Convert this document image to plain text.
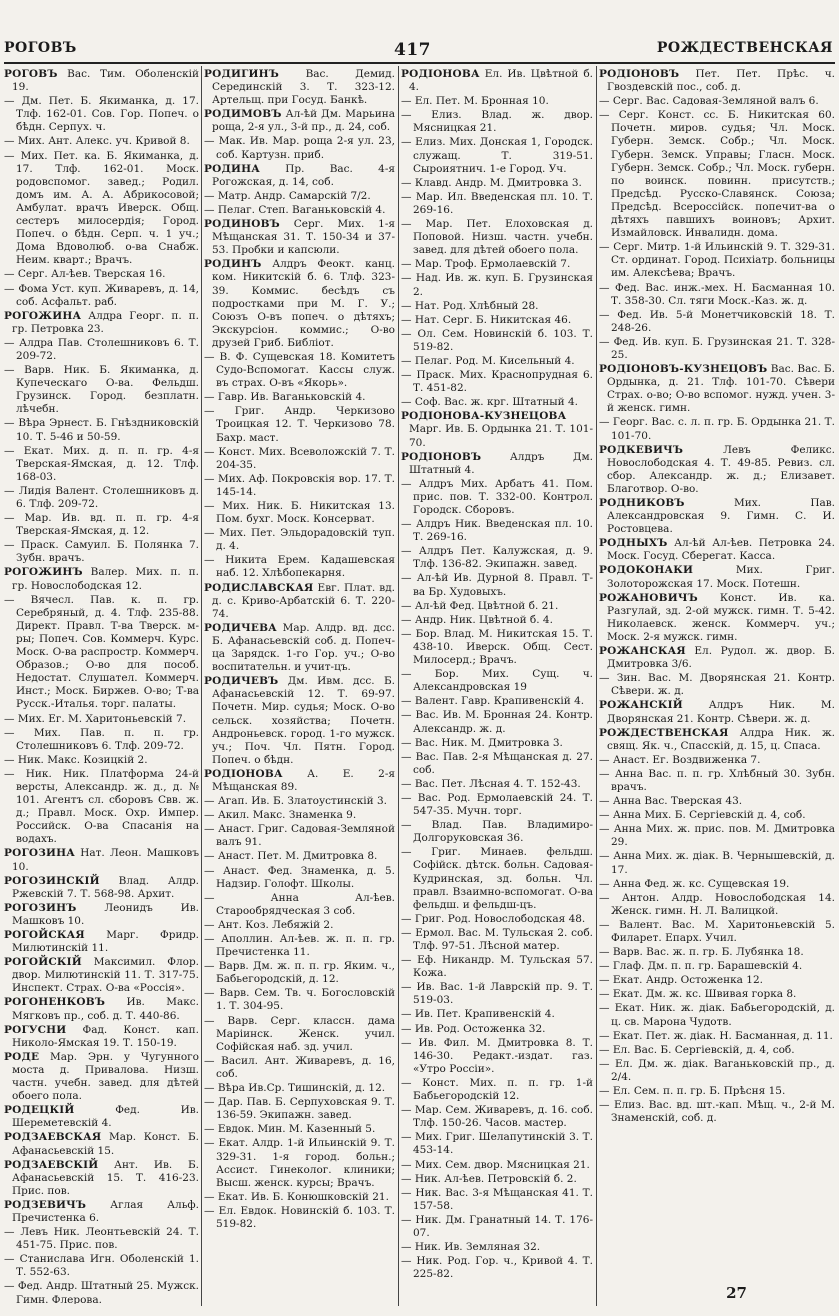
РОГОВЪ	417	РОЖДЕСТВЕНСКАЯ
РОГОВЪ Вас. Тим. Оболенскій 19.
— Дм. Пет. Б. Якиманка, д. 17. Тлф. 162-01. Сов. Гор. Попеч. о бѣдн. Серпух. ч.
— Мих. Ант. Алекс. уч. Кривой 8.
— Мих. Пет. ка. Б. Якиманка, д. 17. Тлф. 162-01. Моск. родовспомог. завед.; Родил. домъ им. А. А. Абрикосовой; Амбулат. врачъ Иверск. Общ. сестеръ милосердія; Город. Попеч. о бѣдн. Серп. ч. 1 уч.; Дома Вдоволюб. о-ва Снабж. Неим. кварт.; Врачъ.
— Серг. Ал-ѣев. Тверская 16.
— Фома Уст. куп. Живаревъ, д. 14, соб. Асфальт. раб.
РОГОЖИНА Алдра Георг. п. п. гр. Петровка 23.
— Алдра Пав. Столешниковъ 6. Т. 209-72.
— Варв. Ник. Б. Якиманка, д. Купеческаго О-ва. Фельдш. Грузинск. Город. безплатн. лѣчебн.
— Вѣра Эрнест. Б. Гнѣздниковскій 10. Т. 5-46 и 50-59.
— Екат. Мих. д. п. п. гр. 4-я Тверская-Ямская, д. 12. Тлф. 168-03.
— Лидія Валент. Столешниковъ д. 6. Тлф. 209-72.
— Мар. Ив. вд. п. п. гр. 4-я Тверская-Ямская, д. 12.
— Праск. Самуил. Б. Полянка 7. Зубн. врачъ.
РОГОЖИНЪ Валер. Мих. п. п. гр. Новослободская 12.
— Вячесл. Пав. к. п. гр. Серебряный, д. 4. Тлф. 235-88. Директ. Правл. Т-ва Тверск. м-ры; Попеч. Сов. Коммерч. Курс. Моск. О-ва распростр. Коммерч. Образов.; О-во для пособ. Недостат. Слушател. Коммерч. Инст.; Моск. Биржев. О-во; Т-ва Русск.-Италья. торг. палаты.
— Мих. Ег. М. Харитоньевскій 7.
— Мих. Пав. п. п. гр. Столешниковъ 6. Тлф. 209-72.
— Ник. Макс. Козицкій 2.
— Ник. Ник. Платформа 24-й версты, Александр. ж. д., д. № 101. Агентъ сл. сборовъ Свв. ж. д.; Правл. Моск. Охр. Импер. Российск. О-ва Спасанія на водахъ.
РОГОЗИНА Нат. Леон. Машковъ 10.
РОГОЗИНСКІЙ Влад. Алдр. Ржевскій 7. Т. 568-98. Архит.
РОГОЗИНЪ	Леонидъ Ив. Машковъ 10.
РОГОЙСКАЯ Марг. Фридр. Милютинскій 11.
РОГОЙСКІЙ Максимил. Флор. двор. Милютинскій 11. Т. 317-75. Инспект. Страх. О-ва «Россія».
РОГОНЕНКОВЪ Ив. Макс. Мягковъ пр., соб. д. Т. 440-86.
РОГУСНИ Фад. Конст. кап. Николо-Ямская 19. Т. 150-19.
РОДЕ Мар. Эрн. у Чугунного моста д. Привалова. Низш. частн. учебн. завед. для дѣтей обоего пола.
РОДЕЦКІЙ	Фед. Ив. Шереметевскій 4.
РОДЗАЕВСКАЯ Мар. Конст. Б. Афанасьевскій 15.
РОДЗАЕВСКІЙ Ант. Ив. Б. Афанасьевскій 15. Т. 416-23. Прис. пов.
РОДЗЕВИЧЪ Аглая Альф. Пречистенка 6.
— Левъ Ник. Леонтьевскій 24. Т. 451-75. Прис. пов.
— Станислава Игн. Оболенскій 1. Т. 552-63.
— Фед. Андр. Штатный 25. Мужск. Гимн. Флерова.
РОДИГИНЪ	Вас. Демид. Серединскій 3. Т. 323-12. Артельщ. при Госуд. Банкѣ.
РОДИМОВЪ Ал-ѣй Дм. Марьина роща, 2-я ул., 3-й пр., д. 24, соб.
— Мак. Ив. Мар. роща 2-я ул. 23, соб. Картузн. приб.
РОДИНА Пр. Вас. 4-я Рогожская, д. 14, соб.
— Матр. Андр. Самарскій 7/2.
— Пелаг. Степ. Ваганьковскій 4.
РОДИНОВЪ Серг. Мих. 1-я Мѣщанская 31. Т. 150-34 и 37-53. Пробки и капсюли.
РОДИНЪ Алдръ Феокт. канц. ком. Никитскій б. 6. Тлф. 323-39. Коммис. бесѣдъ съ подростками при М. Г. У.; Союзъ О-въ попеч. о дѣтяхъ; Экскурсіон. коммис.; О-во друзей Гриб. Библіот.
— В. Ф. Сущевская 18. Комитетъ Судо-Вспомогат. Кассы служ. въ страх. О-въ «Якорь».
— Гавр. Ив. Ваганьковскій 4.
— Григ. Андр. Черкизово Троицкая 12. Т. Черкизово 78. Бахр. маст.
— Конст. Мих. Всеволожскій 7. Т. 204-35.
— Мих. Аф. Покровскія вор. 17. Т. 145-14.
— Мих. Ник. Б. Никитская 13. Пом. бухг. Моск. Консерват.
— Мих. Пет. Эльдорадовскій туп. д. 4.
— Никита Ерем. Кадашевская наб. 12. Хлѣбопекарня.
РОДИСЛАВСКАЯ Евг. Плат. вд. д. с. Криво-Арбатскій 6. Т. 220-74.
РОДИЧЕВА Мар. Алдр. вд. дсс. Б. Афанасьевскій соб. д. Попеч-ца Зарядск. 1-го Гор. уч.; О-во воспитательн. и учит-цъ.
РОДИЧЕВЪ Дм. Ивм. дсс. Б. Афанасьевскій 12. Т. 69-97. Почетн. Мир. судья; Моск. О-во сельск. хозяйства; Почетн. Андроньевск. город. 1-го мужск. уч.; Поч. Чл. Пятн. Город. Попеч. о бѣдн.
РОДІОНОВА А. Е. 2-я Мѣщанская 89.
— Агап. Ив. Б. Златоустинскій 3.
— Акил. Макс. Знаменка 9.
— Анаст. Григ. Садовая-Земляной валъ 91.
— Анаст. Пет. М. Дмитровка 8.
— Анаст. Фед. Знаменка, д. 5. Надзир. Голофт. Школы.
— Анна Ал-ѣев. Старообрядческая 3 соб.
— Ант. Коз. Лебяжій 2.
— Аполлин. Ал-ѣев. ж. п. п. гр. Пречистенка 11.
— Варв. Дм. ж. п. п. гр. Яким. ч., Бабьегородскій, д. 12.
— Варв. Сем. Тв. ч. Богословскій 1. Т. 304-95.
— Варв. Серг. классн. дама Маріинск. Женск. учил. Софійская наб. зд. учил.
— Васил. Ант. Живаревъ, д. 16, соб.
— Вѣра Ив.Ср. Тишинскій, д. 12.
— Дар. Пав. Б. Серпуховская 9. Т. 136-59. Экипажн. завед.
— Евдок. Мин. М. Казенный 5.
— Екат. Алдр. 1-й Ильинскій 9. Т. 329-31. 1-я город. больн.; Ассист. Гинеколог. клиники; Высш. женск. курсы; Врачъ.
— Екат. Ив. Б. Конюшковскій 21.
— Ел. Евдок. Новинскій б. 103. Т. 519-82.
РОДІОНОВА Ел. Ив. Цвѣтной б. 4.
— Ел. Пет. М. Бронная 10.
— Елиз. Влад. ж. двор. Мясницкая 21.
— Елиз. Мих. Донская 1, Городск. служащ. Т. 319-51. Сыроиятнич. 1-е Город. Уч.
— Клавд. Андр. М. Дмитровка 3.
— Мар. Ил. Введенская пл. 10. Т. 269-16.
— Мар. Пет. Елоховская д. Поповой. Низш. частн. учебн. завед. для дѣтей обоего пола.
— Мар. Троф. Ермолаевскій 7.
— Над. Ив. ж. куп. Б. Грузинская 2.
— Нат. Род. Хлѣбный 28.
— Нат. Серг. Б. Никитская 46.
— Ол. Сем. Новинскій б. 103. Т. 519-82.
— Пелаг. Род. М. Кисельный 4.
— Праск. Мих. Краснопрудная 6. Т. 451-82.
— Соф. Вас. ж. крг. Штатный 4.
РОДІОНОВА-КУЗНЕЦОВА Марг. Ив. Б. Ордынка 21. Т. 101-70.
РОДІОНОВЪ	Алдръ Дм. Штатный 4.
— Алдръ Мих. Арбатъ 41. Пом. прис. пов. Т. 332-00. Контрол. Городск. Сборовъ.
— Алдръ Ник. Введенская пл. 10. Т. 269-16.
— Алдръ Пет. Калужская, д. 9. Тлф. 136-82. Экипажн. завед.
— Ал-ѣй Ив. Дурной 8. Правл. Т-ва Бр. Худовыхъ.
— Ал-ѣй Фед. Цвѣтной б. 21.
— Андр. Ник. Цвѣтной б. 4.
— Бор. Влад. М. Никитская 15. Т. 438-10. Иверск. Общ. Сест. Милосерд.; Врачъ.
— Бор. Мих. Сущ. ч. Александровская 19
— Валент. Гавр. Крапивенскій 4.
— Вас. Ив. М. Бронная 24. Контр. Александр. ж. д.
— Вас. Ник. М. Дмитровка 3.
— Вас. Пав. 2-я Мѣщанская д. 27. соб.
— Вас. Пет. Лѣсная 4. Т. 152-43.
— Вас. Род. Ермолаевскій 24. Т. 547-35. Мучн. торг.
— Влад. Пав. Владимиро-Долгоруковская 36.
— Григ. Минаев. фельдш. Софійск. дѣтск. больн. Садовая-Кудринская, зд. больн. Чл. правл. Взаимно-вспомогат. О-ва фельдш. и фельдш-цъ.
— Григ. Род. Новослободская 48.
— Ермол. Вас. М. Тульская 2. соб. Тлф. 97-51. Лѣсной матер.
— Еф. Никандр. М. Тульская 57. Кожа.
— Ив. Вас. 1-й Лаврскій пр. 9. Т. 519-03.
— Ив. Пет. Крапивенскій 4.
— Ив. Род. Остоженка 32.
— Ив. Фил. М. Дмитровка 8. Т. 146-30. Редакт.-издат. газ. «Утро Россіи».
— Конст. Мих. п. п. гр. 1-й Бабьегородскій 12.
— Мар. Сем. Живаревъ, д. 16. соб. Тлф. 150-26. Часов. мастер.
— Мих. Григ. Шелапутинскій 3. Т. 453-14.
— Мих. Сем. двор. Мясницкая 21.
— Ник. Ал-ѣев. Петровскій б. 2.
— Ник. Вас. 3-я Мѣщанская 41. Т. 157-58.
— Ник. Дм. Гранатный 14. Т. 176-07.
— Ник. Ив. Земляная 32.
— Ник. Род. Гор. ч., Кривой 4. Т. 225-82.
РОДІОНОВЪ Пет. Пет. Прѣс. ч. Гвоздевскій пос., соб. д.
— Серг. Вас. Садовая-Земляной валъ 6.
— Серг. Конст. сс. Б. Никитская 60. Почетн. миров. судья; Чл. Моск. Губерн. Земск. Собр.; Чл. Моск. Губерн. Земск. Управы; Гласн. Моск. Губерн. Земск. Собр.; Чл. Моск. губерн. по воинск. повинн. присутств.; Предсѣд. Русско-Славянск. Союза; Предсѣд. Всероссійск. попечит-ва о дѣтяхъ павшихъ воиновъ; Архит. Измайловск. Инвалидн. дома.
— Серг. Митр. 1-й Ильинскій 9. Т. 329-31. Ст. ординат. Город. Психіатр. больницы им. Алексѣева; Врачъ.
— Фед. Вас. инж.-мех. Н. Басманная 10. Т. 358-30. Сл. тяги Моск.-Каз. ж. д.
— Фед. Ив. 5-й Монетчиковскій 18. Т. 248-26.
— Фед. Ив. куп. Б. Грузинская 21. Т. 328-25.
РОДІОНОВЪ-КУЗНЕЦОВЪ Вас. Вас. Б. Ордынка, д. 21. Тлф. 101-70. Сѣвери Страх. о-во; О-во вспомог. нужд. учен. 3-й женск. гимн.
— Георг. Вас. с. л. п. гр. Б. Ордынка 21. Т. 101-70.
РОДКЕВИЧЪ	Левъ Феликс. Новослободская 4. Т. 49-85. Ревиз. сл. сбор. Александр. ж. д.; Елизавет. Благотвор. О-во.
РОДНИКОВЪ	Мих. Пав. Александровская 9. Гимн. С. И. Ростовцева.
РОДНЫХЪ Ал-ѣй Ал-ѣев. Петровка 24. Моск. Госуд. Сберегат. Касса.
РОДОКОНАКИ	Мих. Григ. Золоторожская 17. Моск. Потешн.
РОЖАНОВИЧЪ Конст. Ив. ка. Разгулай, зд. 2-ой мужск. гимн. Т. 5-42. Николаевск. женск. Коммерч. уч.; Моск. 2-я мужск. гимн.
РОЖАНСКАЯ Ел. Рудол. ж. двор. Б. Дмитровка 3/6.
— Зин. Вас. М. Дворянская 21. Контр. Сѣвери. ж. д.
РОЖАНСКІЙ Алдръ Ник. М. Дворянская 21. Контр. Сѣвери. ж. д.
РОЖДЕСТВЕНСКАЯ Алдра Ник. ж. свящ. Як. ч., Спасскій, д. 15, ц. Спаса.
— Анаст. Ег. Воздвиженка 7.
— Анна Вас. п. п. гр. Хлѣбный 30. Зубн. врачъ.
— Анна Вас. Тверская 43.
— Анна Мих. Б. Сергіевскій д. 4, соб.
— Анна Мих. ж. прис. пов. М. Дмитровка 29.
— Анна Мих. ж. діак. В. Чернышевскій, д. 17.
— Анна Фед. ж. кс. Сущевская 19.
— Антон. Алдр. Новослободская 14. Женск. гимн. Н. Л. Валицкой.
— Валент. Вас. М. Харитоньевскій 5. Филарет. Епарх. Учил.
— Варв. Вас. ж. п. гр. Б. Лубянка 18.
— Глаф. Дм. п. п. гр. Барашевскій 4.
— Екат. Андр. Остоженка 12.
— Екат. Дм. ж. кс. Швивая горка 8.
— Екат. Ник. ж. діак. Бабьегородскій, д. ц. св. Марона Чудотв.
— Екат. Пет. ж. діак. Н. Басманная, д. 11.
— Ел. Вас. Б. Сергіевскій, д. 4, соб.
— Ел. Дм. ж. діак. Ваганьковскій пр., д. 2/4.
— Ел. Сем. п. п. гр. Б. Прѣсня 15.
— Елиз. Вас. вд. шт.-кап. Мѣщ. ч., 2-й М. Знаменскій, соб. д.
27
